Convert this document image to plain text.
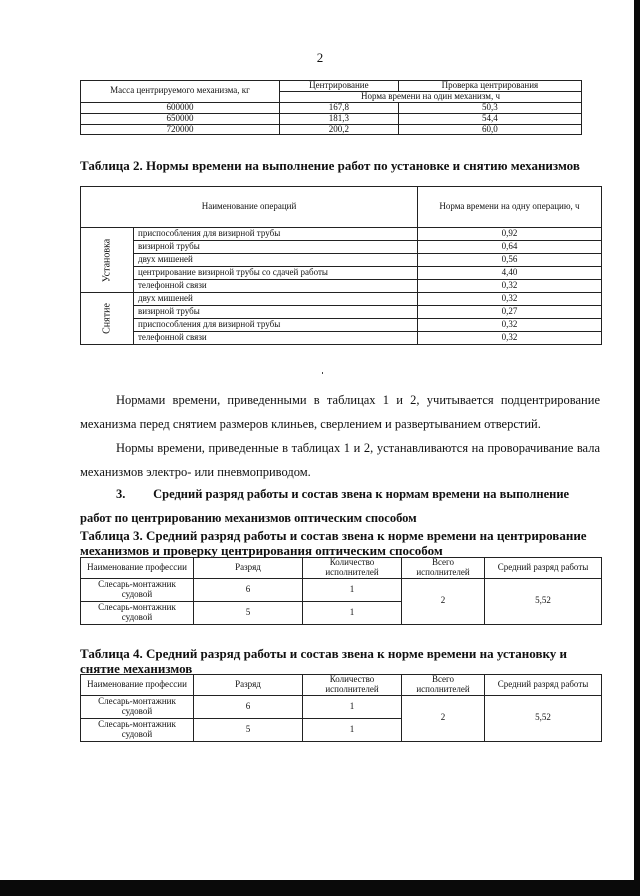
2
Масса центрируемого механизма, кг	Центрирование	Проверка центрирования
	Норма времени на один механизм, ч	
600000	167,8	50,3
650000	181,3	54,4
720000	200,2	60,0
Таблица 2. Нормы времени на выполнение работ по установке и снятию механизмов
Наименование операций		Норма времени на одну операцию, ч

Установка	приспособления для визирной трубы	0,92
	визирной трубы	0,64
	двух мишеней	0,56
	центрирование визирной трубы со сдачей работы	4,40
	телефонной связи	0,32

Снятие	двух мишеней	0,32
	визирной трубы	0,27
	приспособления для визирной трубы	0,32
	телефонной связи	0,32
Нормами времени, приведенными в таблицах 1 и 2, учитывается подцентрирование механизма перед снятием размеров клиньев, сверлением и развертыванием отверстий.
Нормы времени, приведенные в таблицах 1 и 2, устанавливаются на проворачивание вала механизмов электро- или пневмоприводом.
3. Средний разряд работы и состав звена к нормам времени на выполнение работ по центрированию механизмов оптическим способом
Таблица 3. Средний разряд работы и состав звена к норме времени на центрирование механизмов и проверку центрирования оптическим способом
Наименование профессии	Разряд	Количество исполнителей	Всего исполнителей	Средний разряд работы
Слесарь-монтажник судовой	6	1	2	5,52
Слесарь-монтажник судовой	5	1		
Таблица 4. Средний разряд работы и состав звена к норме времени на установку и снятие механизмов
Наименование профессии	Разряд	Количество исполнителей	Всего исполнителей	Средний разряд работы
Слесарь-монтажник судовой	6	1	2	5,52
Слесарь-монтажник судовой	5	1		
